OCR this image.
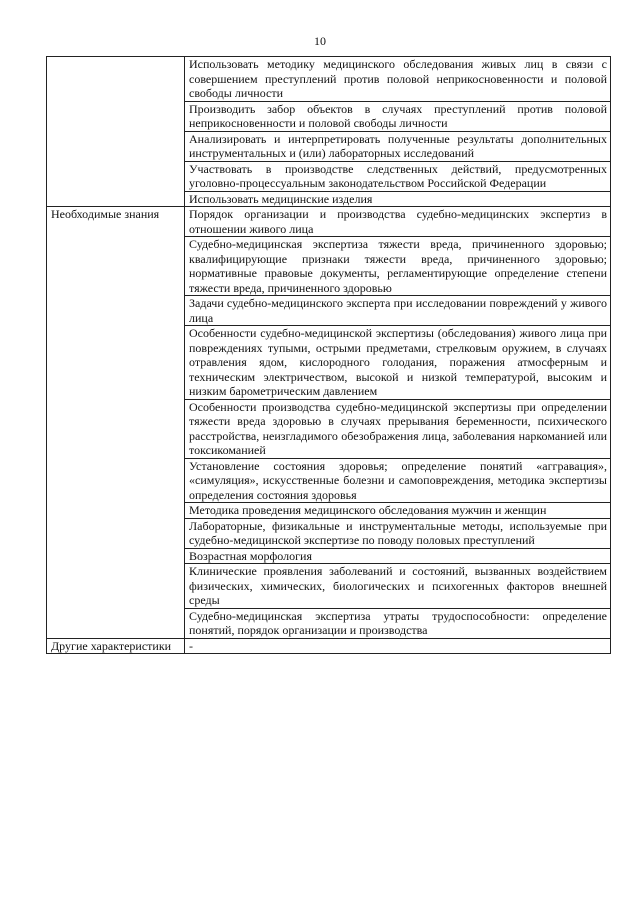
10
	Использовать методику медицинского обследования живых лиц в связи с совершением преступлений против половой неприкосновенности и половой свободы личности
	Производить забор объектов в случаях преступлений против половой неприкосновенности и половой свободы личности
	Анализировать и интерпретировать полученные результаты дополнительных инструментальных и (или) лабораторных исследований
	Участвовать в производстве следственных действий, предусмотренных уголовно-процессуальным законодательством Российской Федерации
	Использовать медицинские изделия
Необходимые знания	Порядок организации и производства судебно-медицинских экспертиз в отношении живого лица
	Судебно-медицинская экспертиза тяжести вреда, причиненного здоровью; квалифицирующие признаки тяжести вреда, причиненного здоровью; нормативные правовые документы, регламентирующие определение степени тяжести вреда, причиненного здоровью
	Задачи судебно-медицинского эксперта при исследовании повреждений у живого лица
	Особенности судебно-медицинской экспертизы (обследования) живого лица при повреждениях тупыми, острыми предметами, стрелковым оружием, в случаях отравления ядом, кислородного голодания, поражения атмосферным и техническим электричеством, высокой и низкой температурой, высоким и низким барометрическим давлением
	Особенности производства судебно-медицинской экспертизы при определении тяжести вреда здоровью в случаях прерывания беременности, психического расстройства, неизгладимого обезображения лица, заболевания наркоманией или токсикоманией
	Установление состояния здоровья; определение понятий «аггравация», «симуляция», искусственные болезни и самоповреждения, методика экспертизы определения состояния здоровья
	Методика проведения медицинского обследования мужчин и женщин
	Лабораторные, физикальные и инструментальные методы, используемые при судебно-медицинской экспертизе по поводу половых преступлений
	Возрастная морфология
	Клинические проявления заболеваний и состояний, вызванных воздействием физических, химических, биологических и психогенных факторов внешней среды
	Судебно-медицинская экспертиза утраты трудоспособности: определение понятий, порядок организации и производства
Другие характеристики	-
